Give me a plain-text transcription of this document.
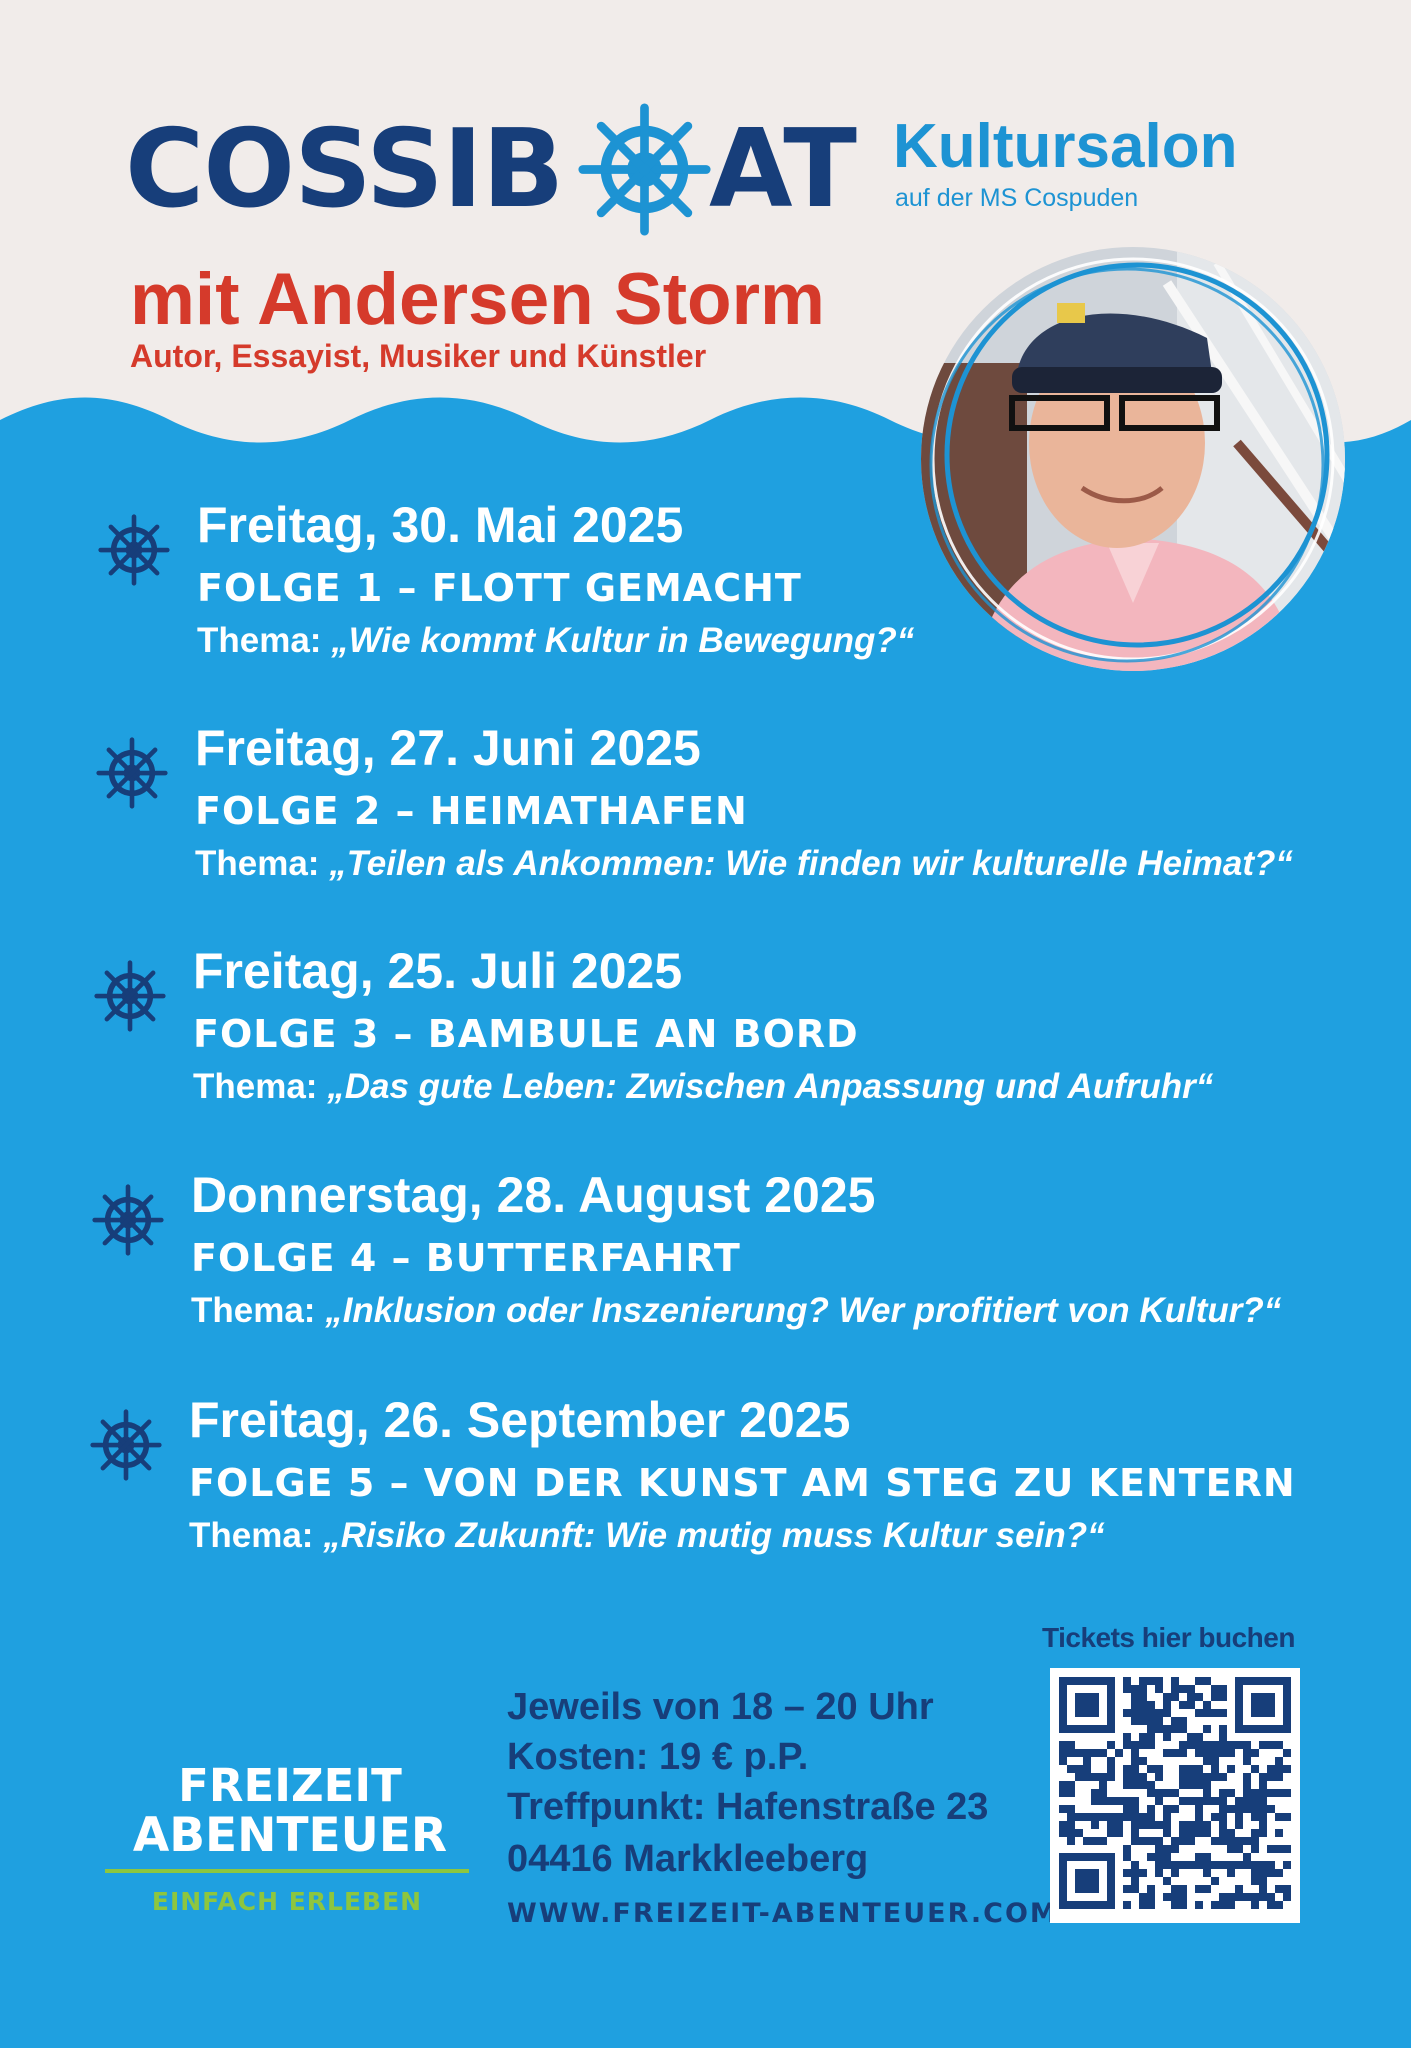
COSSIB AT Kultursalon
auf der MS Cospuden
mit Andersen Storm
Autor, Essayist, Musiker und Künstler
Freitag, 30. Mai 2025
FOLGE 1 – FLOTT GEMACHT
Thema: „Wie kommt Kultur in Bewegung?“
Freitag, 27. Juni 2025
FOLGE 2 – HEIMATHAFEN
Thema: „Teilen als Ankommen: Wie finden wir kulturelle Heimat?“
Freitag, 25. Juli 2025
FOLGE 3 – BAMBULE AN BORD
Thema: „Das gute Leben: Zwischen Anpassung und Aufruhr“
Donnerstag, 28. August 2025
FOLGE 4 – BUTTERFAHRT
Thema: „Inklusion oder Inszenierung? Wer profitiert von Kultur?“
Freitag, 26. September 2025
FOLGE 5 – VON DER KUNST AM STEG ZU KENTERN
Thema: „Risiko Zukunft: Wie mutig muss Kultur sein?“
FREIZEIT
ABENTEUER
EINFACH ERLEBEN
Jeweils von 18 – 20 Uhr
Kosten: 19 € p.P.
Treffpunkt: Hafenstraße 23
04416 Markkleeberg
WWW.FREIZEIT-ABENTEUER.COM
Tickets hier buchen
